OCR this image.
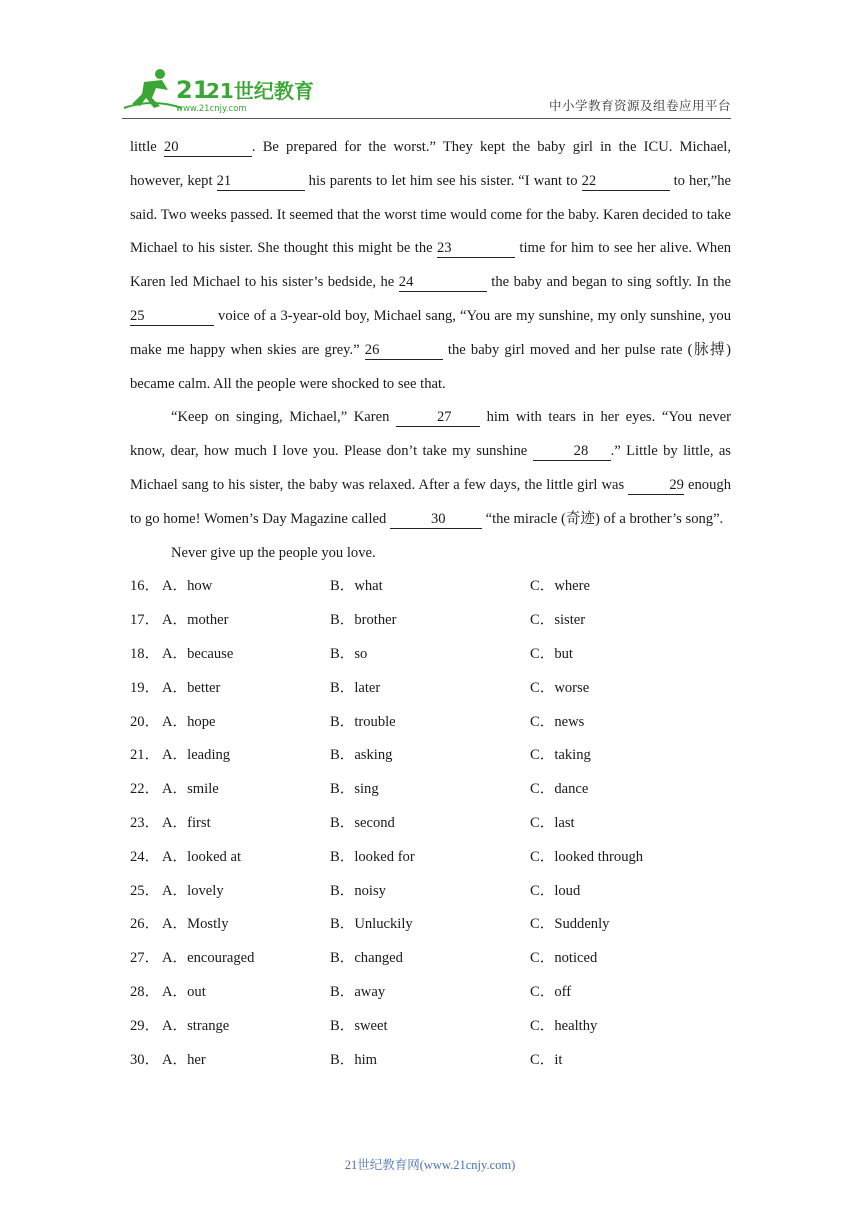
21
21世纪教育
www.21cnjy.com	中小学教育资源及组卷应用平台

little 20	. Be prepared for the worst.” They kept the baby girl in the ICU. Michael, however, kept 21	his parents to let him see his sister. “I want to 22	to her,”he said. Two weeks passed. It seemed that the worst time would come for the baby. Karen decided to take Michael to his sister. She thought this might be the 23	time for him to see her alive. When Karen led Michael to his sister’s bedside, he 24	the baby and began to sing softly. In the 25	voice of a 3-year-old boy, Michael sang, “You are my sunshine, my only sunshine, you make me happy when skies are grey.” 26	the baby girl moved and her pulse rate (脉搏) became calm. All the people were shocked to see that.

“Keep on singing, Michael,” Karen	27 him with tears in her eyes. “You never know, dear, how much I love you. Please don’t take my sunshine	28 .” Little by little, as Michael sang to his sister, the baby was relaxed. After a few days, the little girl was	29 enough to go home! Women’s Day Magazine called	30 “the miracle (奇迹) of a brother’s song”.

Never give up the people you love.

16． A．how	B．what	C．where
17． A．mother	B．brother	C．sister
18． A．because	B．so	C．but
19． A．better	B．later	C．worse
20． A．hope	B．trouble	C．news
21． A．leading	B．asking	C．taking
22． A．smile	B．sing	C．dance
23． A．first	B．second	C．last
24． A．looked at	B．looked for	C．looked through
25． A．lovely	B．noisy	C．loud
26． A．Mostly	B．Unluckily	C．Suddenly
27． A．encouraged	B．changed	C．noticed
28． A．out	B．away	C．off
29． A．strange	B．sweet	C．healthy
30． A．her	B．him	C．it
21世纪教育网(www.21cnjy.com)
